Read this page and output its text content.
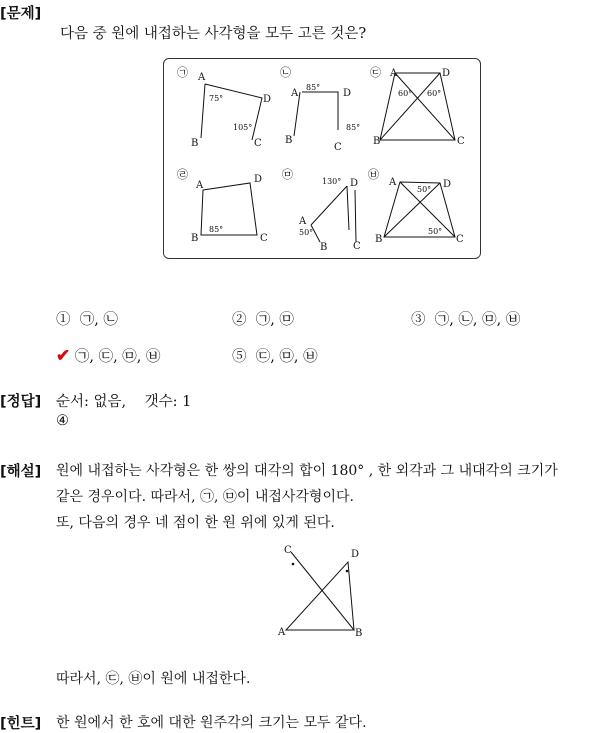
[문제]
다음 중 원에 내접하는 사각형을 모두 고른 것은?
㉠	㉡	㉢
㉣	㉤	㉥
A
D
B	C
75°
105°
A	D
B
C
85°
85°
A	D
B	C
60° 60°
A
D
B	C
85°
A
D
B	C
130°
50°
A	D
B	C
50°
50°
① ㉠, ㉡	② ㉠, ㉤	③ ㉠, ㉡, ㉤, ㉥
✔ ㉠, ㉢, ㉤, ㉥	⑤ ㉢, ㉤, ㉥
[정답] 순서: 없음,    갯수: 1
④
[해설] 원에 내접하는 사각형은 한 쌍의 대각의 합이 180° , 한 외각과 그 내대각의 크기가
같은 경우이다. 따라서, ㉠, ㉤이 내접사각형이다.
또, 다음의 경우 네 점이 한 원 위에 있게 된다.
C	D
A	B
따라서, ㉢, ㉥이 원에 내접한다.
[힌트] 한 원에서 한 호에 대한 원주각의 크기는 모두 같다.
